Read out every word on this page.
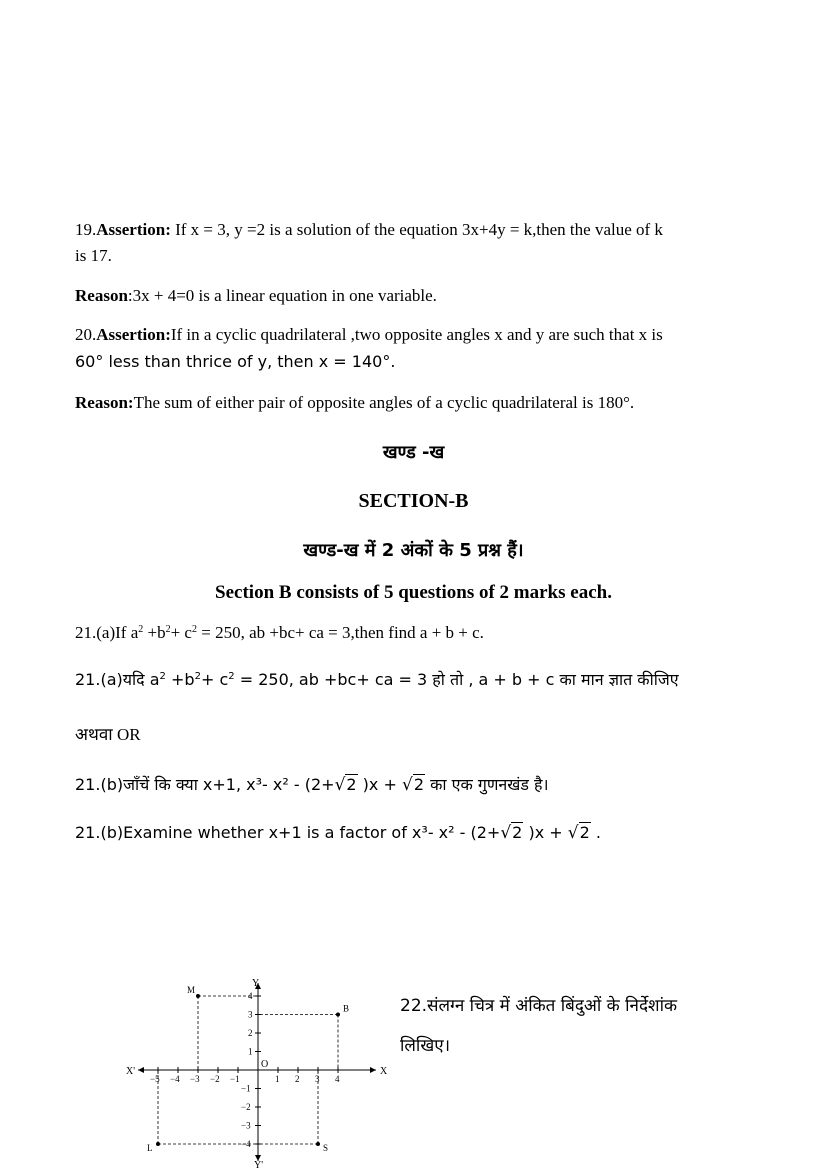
19.Assertion: If x = 3, y =2 is a solution of the equation 3x+4y = k,then the value of k
is 17.
Reason:3x + 4=0 is a linear equation in one variable.
20.Assertion:If in a cyclic quadrilateral ,two opposite angles x and y are such that x is
60° less than thrice of y, then x = 140°.
Reason:The sum of either pair of opposite angles of a cyclic quadrilateral is 180°.
खण्ड -ख
SECTION-B
खण्ड-ख में 2 अंकों के 5 प्रश्न हैं।
Section B consists of 5 questions of 2 marks each.
21.(a)If $a^2 +b^2+ c^2 = 250$, ab +bc+ ca = 3,then find a + b + c.
21.(a)यदि $a^2 +b^2+ c^2 = 250$, ab +bc+ ca = 3 हो तो , a + b + c का मान ज्ञात कीजिए
अथवा OR
21.(b)जाँचें कि क्या x+1, x³- x² - (2+√2 )x + √2 का एक गुणनखंड है।
21.(b)Examine whether x+1 is a factor of x³- x² - (2+√2 )x + √2 .
X
X'
Y
Y'
O
−5 −4 −3 −2 −1	1 2 3 4
−4
−3
−2
−1
1
2
3
4
M
B
L	S
22.संलग्न चित्र में अंकित बिंदुओं के निर्देशांक
लिखिए।
